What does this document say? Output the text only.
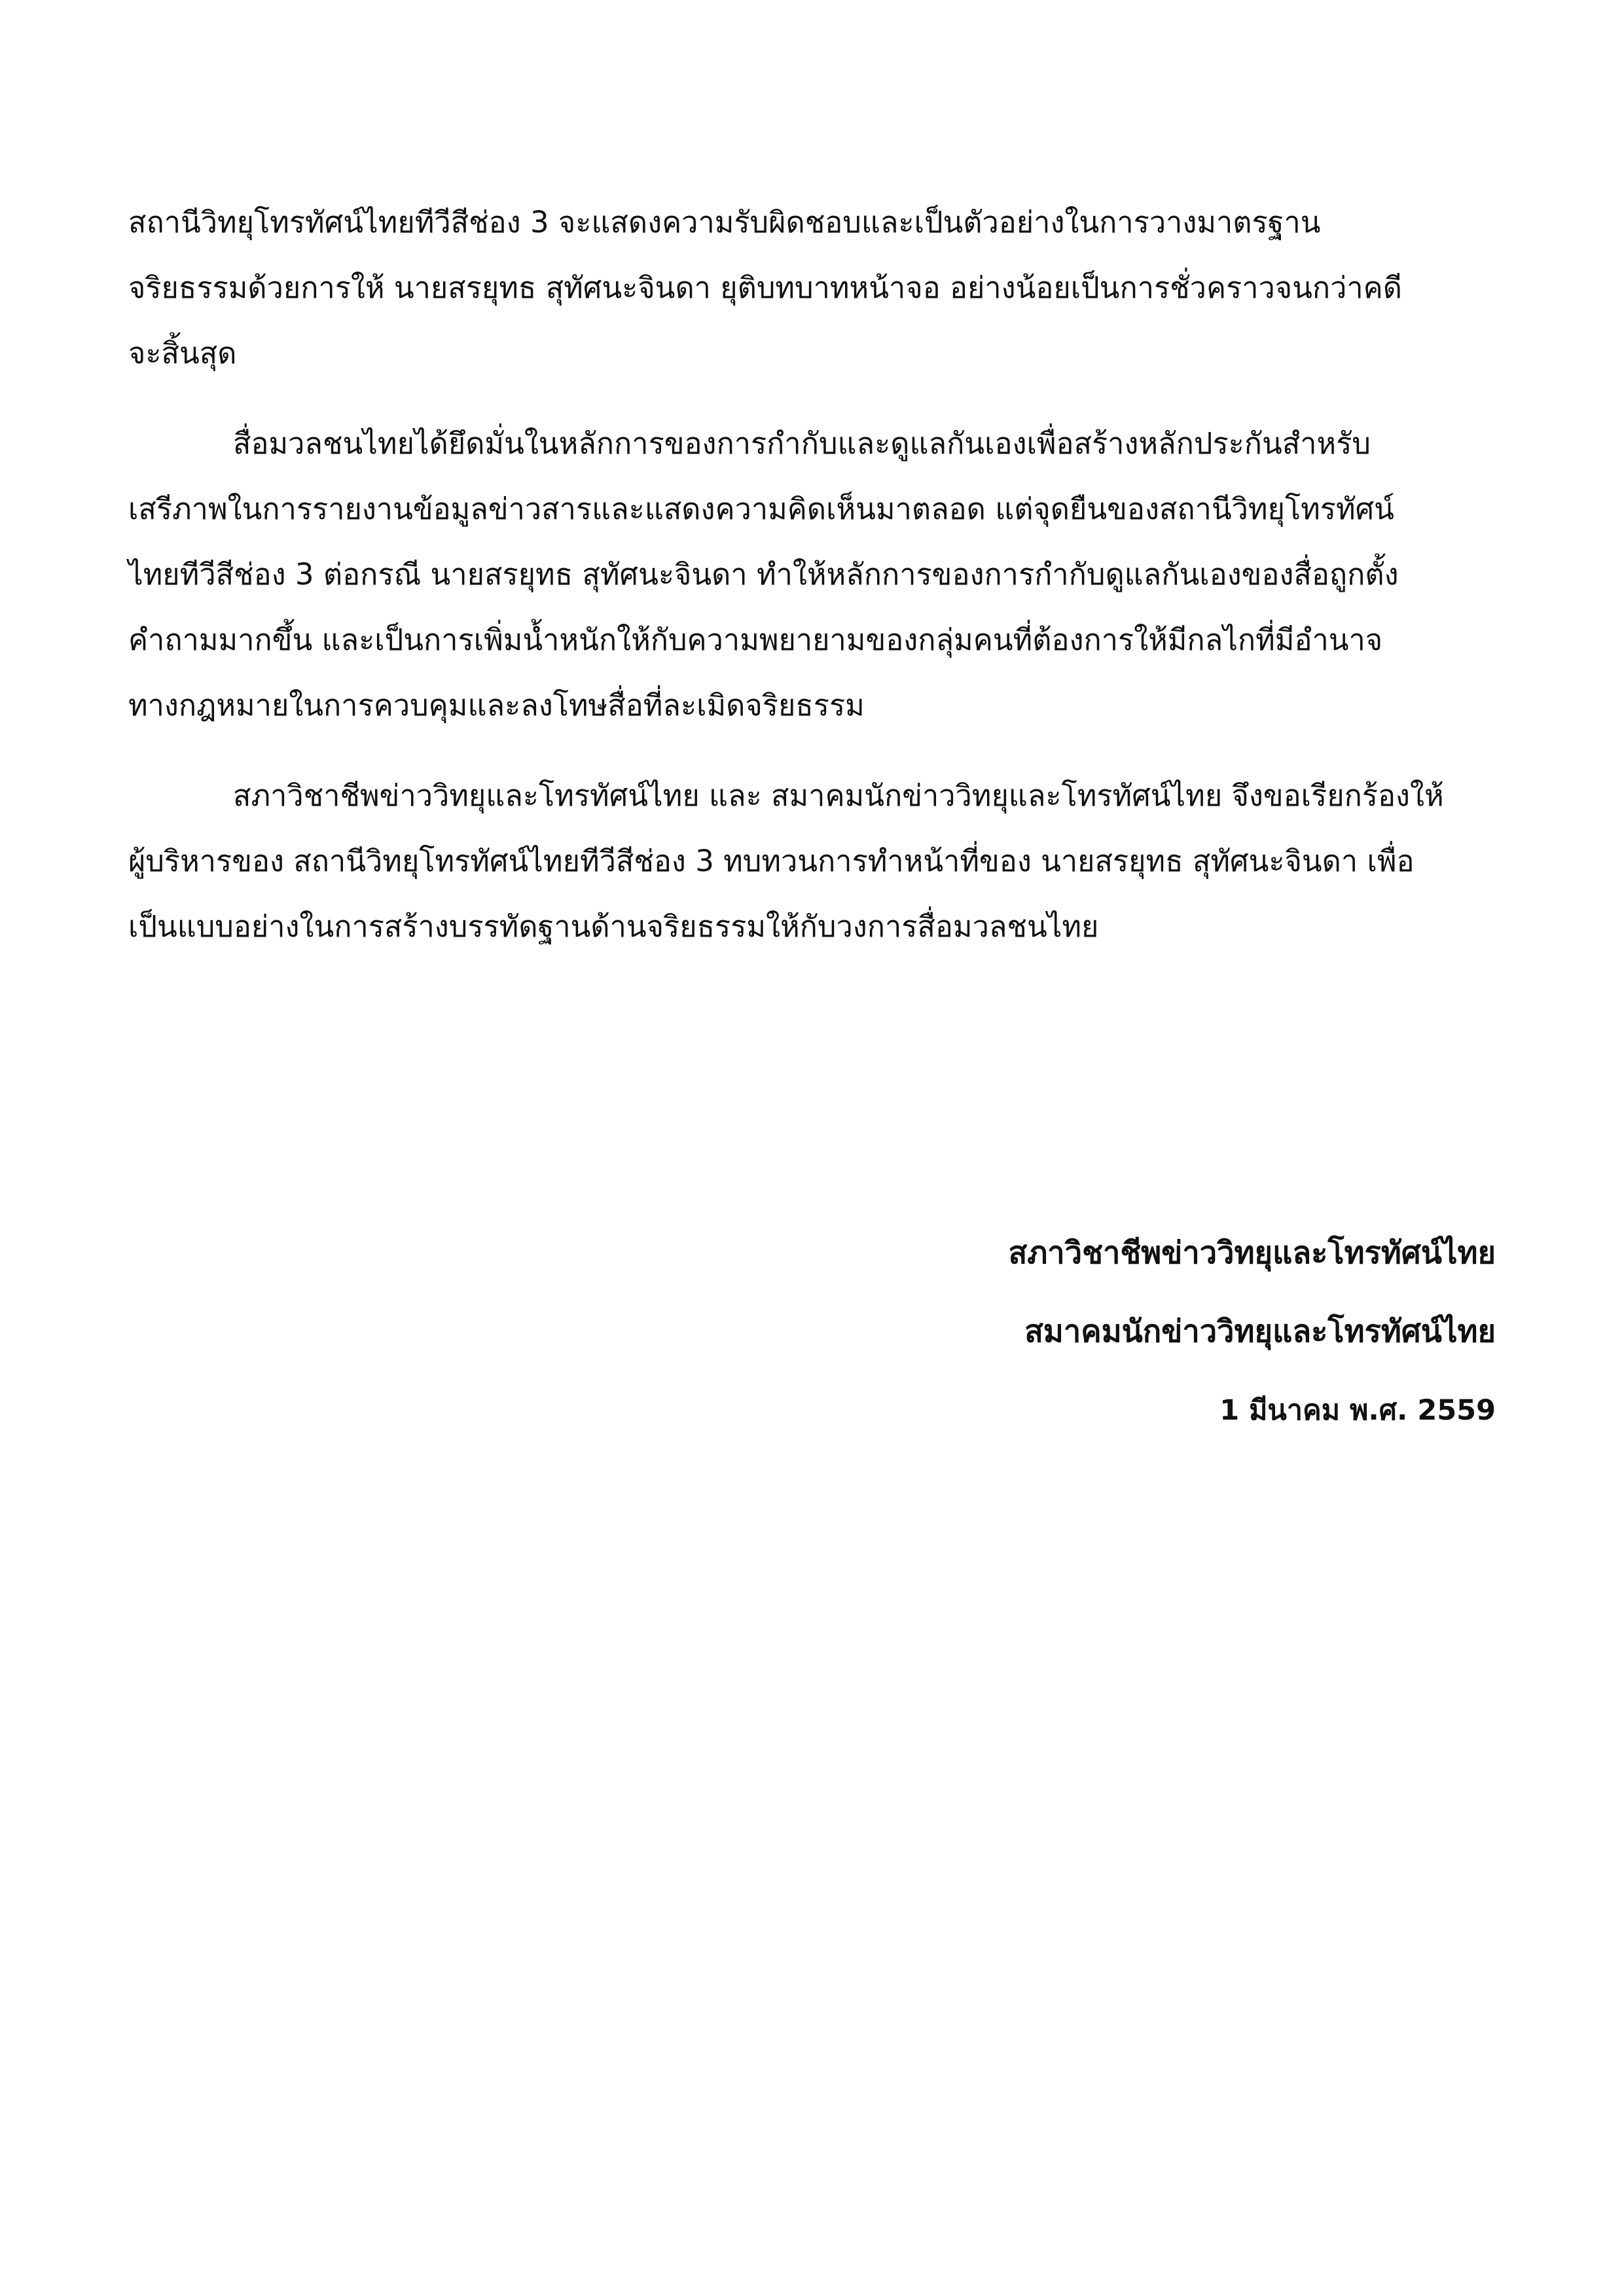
สถานีวิทยุโทรทัศน์ไทยทีวีสีช่อง 3 จะแสดงความรับผิดชอบและเป็นตัวอย่างในการวางมาตรฐาน
จริยธรรมด้วยการให้ นายสรยุทธ สุทัศนะจินดา ยุติบทบาทหน้าจอ อย่างน้อยเป็นการชั่วคราวจนกว่าคดี
จะสิ้นสุด

สื่อมวลชนไทยได้ยึดมั่นในหลักการของการกำกับและดูแลกันเองเพื่อสร้างหลักประกันสำหรับ
เสรีภาพในการรายงานข้อมูลข่าวสารและแสดงความคิดเห็นมาตลอด แต่จุดยืนของสถานีวิทยุโทรทัศน์
ไทยทีวีสีช่อง 3 ต่อกรณี นายสรยุทธ สุทัศนะจินดา ทำให้หลักการของการกำกับดูแลกันเองของสื่อถูกตั้ง
คำถามมากขึ้น และเป็นการเพิ่มน้ำหนักให้กับความพยายามของกลุ่มคนที่ต้องการให้มีกลไกที่มีอำนาจ
ทางกฎหมายในการควบคุมและลงโทษสื่อที่ละเมิดจริยธรรม

สภาวิชาชีพข่าววิทยุและโทรทัศน์ไทย และ สมาคมนักข่าววิทยุและโทรทัศน์ไทย จึงขอเรียกร้องให้
ผู้บริหารของ สถานีวิทยุโทรทัศน์ไทยทีวีสีช่อง 3 ทบทวนการทำหน้าที่ของ นายสรยุทธ สุทัศนะจินดา เพื่อ
เป็นแบบอย่างในการสร้างบรรทัดฐานด้านจริยธรรมให้กับวงการสื่อมวลชนไทย

สภาวิชาชีพข่าววิทยุและโทรทัศน์ไทย
สมาคมนักข่าววิทยุและโทรทัศน์ไทย
1 มีนาคม พ.ศ. 2559
